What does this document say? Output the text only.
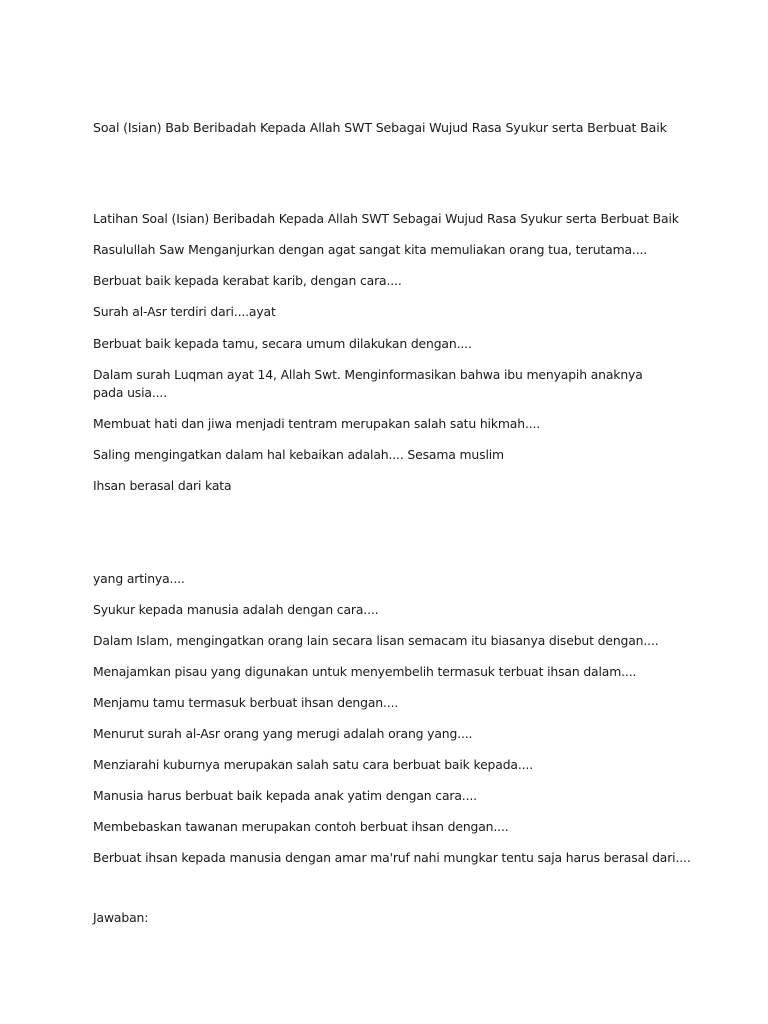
Soal (Isian) Bab Beribadah Kepada Allah SWT Sebagai Wujud Rasa Syukur serta Berbuat Baik
Latihan Soal (Isian) Beribadah Kepada Allah SWT Sebagai Wujud Rasa Syukur serta Berbuat Baik
Rasulullah Saw Menganjurkan dengan agat sangat kita memuliakan orang tua, terutama....
Berbuat baik kepada kerabat karib, dengan cara....
Surah al-Asr terdiri dari....ayat
Berbuat baik kepada tamu, secara umum dilakukan dengan....
Dalam surah Luqman ayat 14, Allah Swt. Menginformasikan bahwa ibu menyapih anaknya pada usia....
Membuat hati dan jiwa menjadi tentram merupakan salah satu hikmah....
Saling mengingatkan dalam hal kebaikan adalah.... Sesama muslim
Ihsan berasal dari kata
yang artinya....
Syukur kepada manusia adalah dengan cara....
Dalam Islam, mengingatkan orang lain secara lisan semacam itu biasanya disebut dengan....
Menajamkan pisau yang digunakan untuk menyembelih termasuk terbuat ihsan dalam....
Menjamu tamu termasuk berbuat ihsan dengan....
Menurut surah al-Asr orang yang merugi adalah orang yang....
Menziarahi kuburnya merupakan salah satu cara berbuat baik kepada....
Manusia harus berbuat baik kepada anak yatim dengan cara....
Membebaskan tawanan merupakan contoh berbuat ihsan dengan....
Berbuat ihsan kepada manusia dengan amar ma'ruf nahi mungkar tentu saja harus berasal dari....
Jawaban:
